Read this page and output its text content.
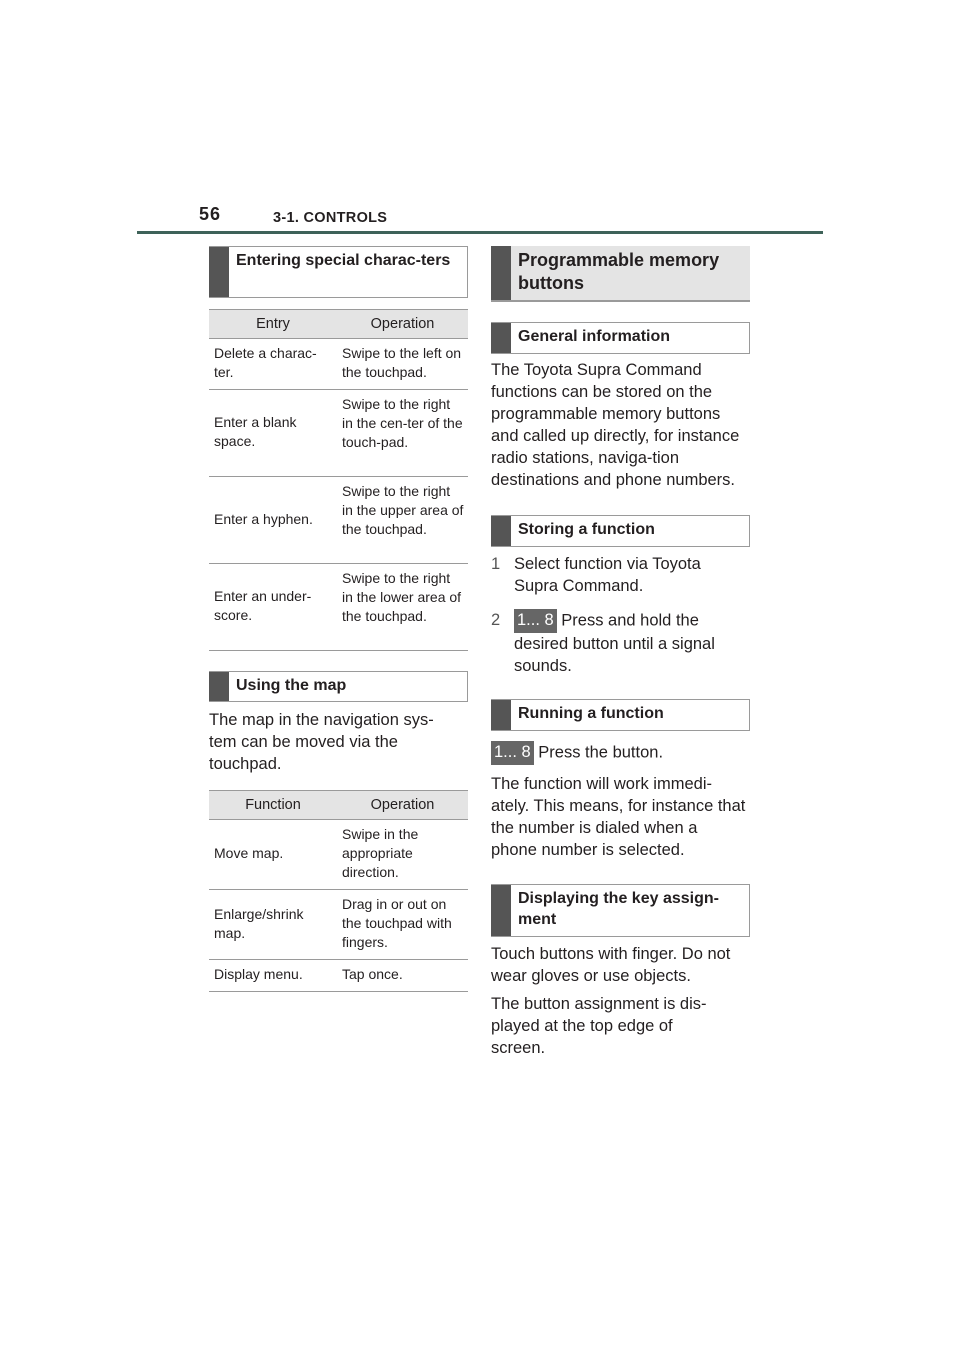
56	3-1. CONTROLS
Entering special charac-ters
Entry	Operation
Delete a charac-ter.	Swipe to the left on the touchpad.
Enter a blank space.	Swipe to the right in the cen-ter of the touch-pad.
Enter a hyphen.	Swipe to the right in the upper area of the touchpad.
Enter an under-score.	Swipe to the right in the lower area of the touchpad.
Using the map

The map in the navigation sys-tem can be moved via the touchpad.

Function	Operation
Move map.	Swipe in the appropriate direction.
Enlarge/shrink map.	Drag in or out on the touchpad with fingers.
Display menu.	Tap once.
Programmable memory buttons
General information

The Toyota Supra Command functions can be stored on the programmable memory buttons and called up directly, for instance radio stations, naviga-tion destinations and phone numbers.

Storing a function
1 Select function via Toyota Supra Command.
2	1... 8 Press and hold the desired button until a signal sounds.
Running a function

1... 8 Press the button.

The function will work immedi-ately. This means, for instance that the number is dialed when a phone number is selected.

Displaying the key assign-ment

Touch buttons with finger. Do not wear gloves or use objects.

The button assignment is dis-played at the top edge of screen.
